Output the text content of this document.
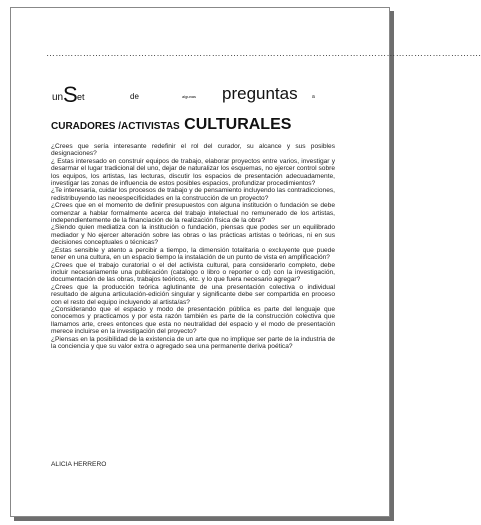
…………………………………………………………………………………………………………………………….
un S et	de	algunas preguntas	a
CURADORES /ACTIVISTAS CULTURALES

¿Crees que sería interesante redefinir el rol del curador, su alcance y sus posibles designaciones?

¿ Estas interesado en construir equipos de trabajo, elaborar proyectos entre varios, investigar y desarmar el lugar tradicional del uno, dejar de naturalizar los esquemas, no ejercer control sobre los equipos, los artistas, las lecturas, discutir los espacios de presentación adecuadamente, investigar las zonas de influencia de estos posibles espacios, profundizar procedimientos?

¿Te interesaría, cuidar los procesos de trabajo y de pensamiento incluyendo las contradicciones, redistribuyendo las neoespecificidades en la construcción de un proyecto?

¿Crees que en el momento de definir presupuestos con alguna institución o fundación se debe comenzar a hablar formalmente acerca del trabajo intelectual no remunerado de los artistas, independientemente de la financiación de la realización física de la obra?

¿Siendo quien mediatiza con la institución o fundación, piensas que podes ser un equilibrado mediador y No ejercer alteración sobre las obras o las prácticas artistas o teóricas, ni en sus decisiones conceptuales o técnicas?

¿Estas sensible y atento a percibir a tiempo, la dimensión totalitaria o excluyente que puede tener en una cultura, en un espacio tiempo la instalación de un punto de vista en amplificación?

¿Crees que el trabajo curatorial o el del activista cultural, para considerarlo completo, debe incluir necesariamente una publicación (catalogo o libro o reporter o cd) con la investigación, documentación de las obras, trabajos teóricos, etc. y lo que fuera necesario agregar?

¿Crees que la producción teórica aglutinante de una presentación colectiva o individual resultado de alguna articulación-edición singular y significante debe ser compartida en proceso con el resto del equipo incluyendo al artista/as?

¿Considerando que el espacio y modo de presentación pública es parte del lenguaje que conocemos y practicamos y por esta razón también es parte de la construcción colectiva que llamamos arte, crees entonces que esta no neutralidad del espacio y el modo de presentación merece incluirse en la investigación del proyecto?

¿Piensas en la posibilidad de la existencia de un arte que no implique ser parte de la industria de la conciencia y que su valor extra o agregado sea una permanente deriva poética?

ALICIA HERRERO
